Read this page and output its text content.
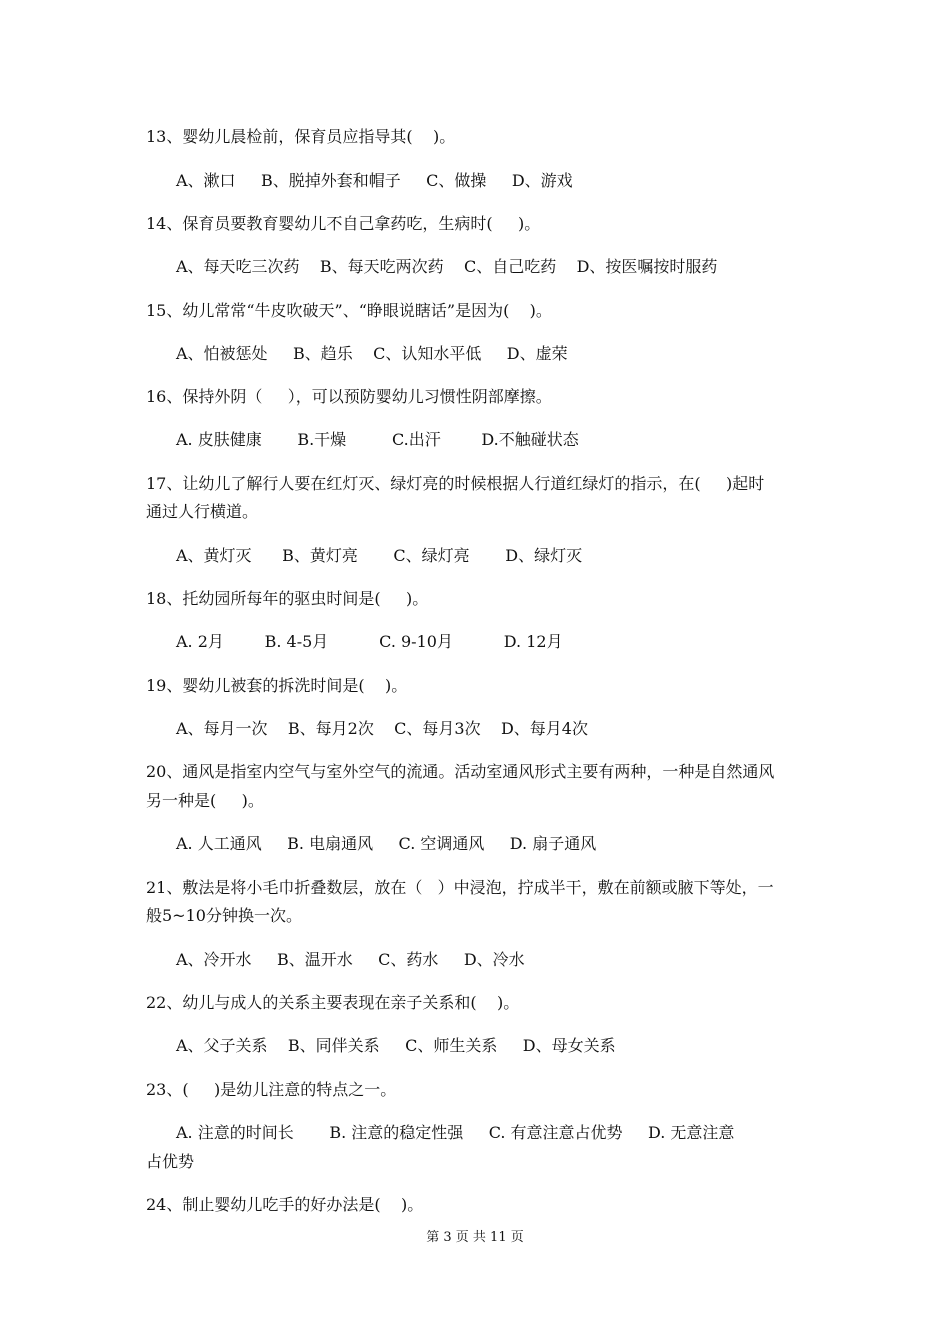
13、婴幼儿晨检前，保育员应指导其(    )。
A、漱口     B、脱掉外套和帽子     C、做操     D、游戏
14、保育员要教育婴幼儿不自己拿药吃，生病时(     )。
A、每天吃三次药    B、每天吃两次药    C、自己吃药    D、按医嘱按时服药
15、幼儿常常“牛皮吹破天”、“睁眼说瞎话”是因为(    )。
A、怕被惩处     B、趋乐    C、认知水平低     D、虚荣
16、保持外阴（     ），可以预防婴幼儿习惯性阴部摩擦。
A. 皮肤健康       B.干燥         C.出汗        D.不触碰状态
17、让幼儿了解行人要在红灯灭、绿灯亮的时候根据人行道红绿灯的指示，在(     )起时
通过人行横道。
A、黄灯灭      B、黄灯亮       C、绿灯亮       D、绿灯灭
18、托幼园所每年的驱虫时间是(     )。
A. 2月        B. 4-5月          C. 9-10月          D. 12月
19、婴幼儿被套的拆洗时间是(    )。
A、每月一次    B、每月2次    C、每月3次    D、每月4次
20、通风是指室内空气与室外空气的流通。活动室通风形式主要有两种，一种是自然通风
另一种是(     )。
A. 人工通风     B. 电扇通风     C. 空调通风     D. 扇子通风
21、敷法是将小毛巾折叠数层，放在（   ）中浸泡，拧成半干，敷在前额或腋下等处，一
般5~10分钟换一次。
A、冷开水     B、温开水     C、药水     D、冷水
22、幼儿与成人的关系主要表现在亲子关系和(    )。
A、父子关系    B、同伴关系     C、师生关系     D、母女关系
23、(     )是幼儿注意的特点之一。
A. 注意的时间长       B. 注意的稳定性强     C. 有意注意占优势     D. 无意注意
占优势
24、制止婴幼儿吃手的好办法是(    )。
第 3 页 共 11 页
